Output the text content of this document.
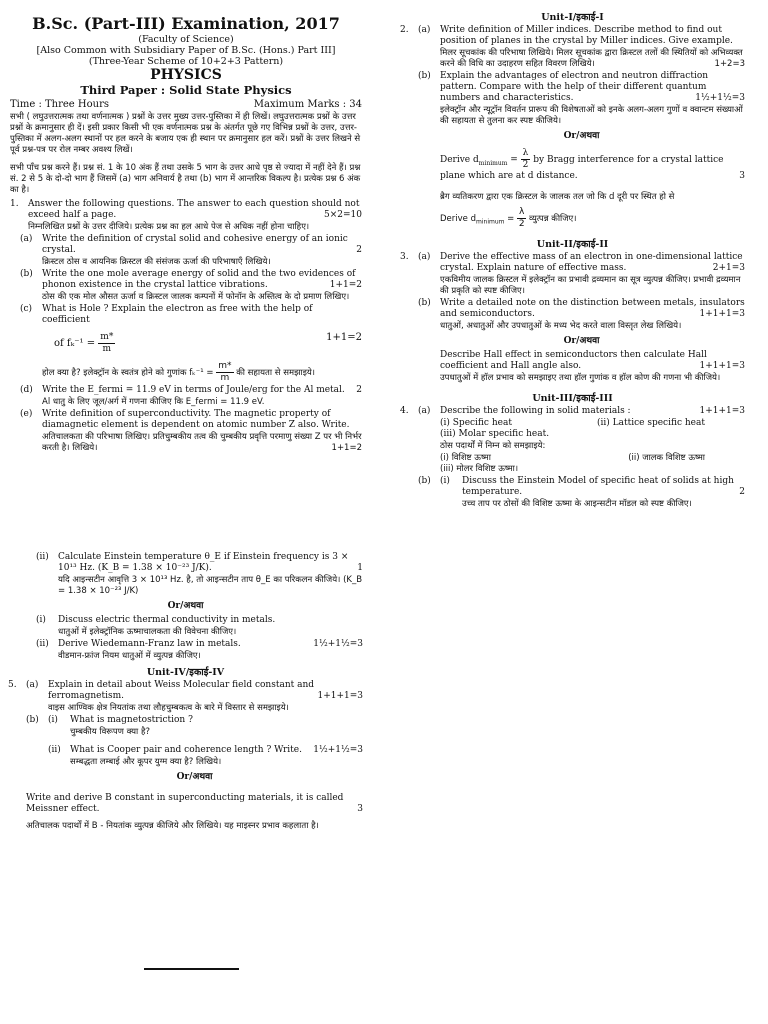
B.Sc. (Part-III) Examination, 2017
(Faculty of Science)
[Also Common with Subsidiary Paper of B.Sc. (Hons.) Part III]
(Three-Year Scheme of 10+2+3 Pattern)
PHYSICS
Third Paper : Solid State Physics
Time : Three Hours	Maximum Marks : 34
सभी ( लघुउत्तरात्मक तथा वर्णनात्मक ) प्रश्नों के उत्तर मुख्य उत्तर-पुस्तिका में ही लिखें। लघुउत्तरात्मक प्रश्नों के उत्तर प्रश्नों के क्रमानुसार ही दें। इसी प्रकार किसी भी एक वर्णनात्मक प्रश्न के अंतर्गत पूछे गए विभिन्न प्रश्नों के उत्तर, उत्तर-पुस्तिका में अलग-अलग स्थानों पर हल करने के बजाय एक ही स्थान पर क्रमानुसार हल करें। प्रश्नों के उत्तर लिखने से पूर्व प्रश्न-पत्र पर रोल नम्बर अवश्य लिखें।
सभी पाँच प्रश्न करने हैं। प्रश्न सं. 1 के 10 अंक हैं तथा उसके 5 भाग के उत्तर आधे पृष्ठ से ज्यादा में नहीं देने हैं। प्रश्न सं. 2 से 5 के दो-दो भाग हैं जिसमें (a) भाग अनिवार्य है तथा (b) भाग में आन्तरिक विकल्प है। प्रत्येक प्रश्न 6 अंक का है।
1.	Answer the following questions. The answer to each question should not exceed half a page.	5×2=10
निम्नलिखित प्रश्नों के उत्तर दीजिये। प्रत्येक प्रश्न का हल आधे पेज से अधिक नहीं होना चाहिए।
(a)	Write the definition of crystal solid and cohesive energy of an ionic crystal.	2
क्रिस्टल ठोस व आयनिक क्रिस्टल की संसंजक ऊर्जा की परिभाषाएँ लिखिये।
(b)	Write the one mole average energy of solid and the two evidences of phonon existence in the crystal lattice vibrations.	1+1=2
ठोस की एक मोल औसत ऊर्जा व क्रिस्टल जालक कम्पनों में फोनॉन के अस्तित्व के दो प्रमाण लिखिए।
(c)	What is Hole ? Explain the electron as free with the help of coefficient
of $f_k^{-1} = \frac{m*}{m}$	1+1=2
होल क्या है? इलेक्ट्रॉन के स्वतंत्र होने को गुणांक $f_k^{-1} = \frac{m*}{m}$ की सहायता से समझाइये।
(d)	Write the E_fermi = 11.9 eV in terms of Joule/erg for the Al metal.	2
Al धातु के लिए जूल/अर्ग में गणना कीजिए कि E_fermi = 11.9 eV.
(e)	Write definition of superconductivity. The magnetic property of diamagnetic element is dependent on atomic number Z also. Write.
अतिचालकता की परिभाषा लिखिए। प्रतिचुम्बकीय तत्व की चुम्बकीय प्रवृत्ति परमाणु संख्या Z पर भी निर्भर करती है। लिखिये।	1+1=2
Unit-I/इकाई-I
2.	(a)	Write definition of Miller indices. Describe method to find out position of planes in the crystal by Miller indices. Give example.
मिलर सूचकांक की परिभाषा लिखिये। मिलर सूचकांक द्वारा क्रिस्टल तलों की स्थितियों को अभिव्यक्त करने की विधि का उदाहरण सहित विवरण लिखिये।	1+2=3
(b)	Explain the advantages of electron and neutron diffraction pattern. Compare with the help of their different quantum numbers and characteristics.	1½+1½=3
इलेक्ट्रॉन और न्यूट्रॉन विवर्तन प्रारूप की विशेषताओं को इनके अलग-अलग गुणों व क्वान्टम संख्याओं की सहायता से तुलना कर स्पष्ट कीजिये।
Or/अथवा
Derive $d_{minimum} = \frac{\lambda}{2}$ by Bragg interference for a crystal lattice plane which are at d distance.	3
ब्रैग व्यतिकरण द्वारा एक क्रिस्टल के जालक तल जो कि d दूरी पर स्थित हो से
Derive $d_{minimum} = \frac{\lambda}{2}$ व्युत्पन्न कीजिए।
Unit-II/इकाई-II
3.	(a)	Derive the effective mass of an electron in one-dimensional lattice crystal. Explain nature of effective mass.	2+1=3
एकविमीय जालक क्रिस्टल में इलेक्ट्रॉन का प्रभावी द्रव्यमान का सूत्र व्युत्पन्न कीजिए। प्रभावी द्रव्यमान की प्रकृति को स्पष्ट कीजिए।
(b)	Write a detailed note on the distinction between metals, insulators and semiconductors.	1+1+1=3
धातुओं, अधातुओं और उपधातुओं के मध्य भेद करते वाला विस्तृत लेख लिखिये।
Or/अथवा
Describe Hall effect in semiconductors then calculate Hall coefficient and Hall angle also.	1+1+1=3
उपधातुओं में हॉल प्रभाव को समझाइए तथा हॉल गुणांक व हॉल कोण की गणना भी कीजिये।
Unit-III/इकाई-III
4.	(a)	Describe the following in solid materials :	1+1+1=3
(i) Specific heat	(ii) Lattice specific heat
(iii) Molar specific heat.
ठोस पदार्थों में निम्न को समझाइये:
(i) विशिष्ट ऊष्मा	(ii) जालक विशिष्ट ऊष्मा
(iii) मोलर विशिष्ट ऊष्मा।
(b)	(i)	Discuss the Einstein Model of specific heat of solids at high temperature.	2
उच्च ताप पर ठोसों की विशिष्ट ऊष्मा के आइन्सटीन मॉडल को स्पष्ट कीजिए।
(ii)	Calculate Einstein temperature θ_E if Einstein frequency is 3 × 10¹³ Hz. (K_B = 1.38 × 10⁻²³ J/K).	1
यदि आइन्सटीन आवृत्ति 3 × 10¹³ Hz. है, तो आइन्सटीन ताप θ_E का परिकलन कीजिये। (K_B = 1.38 × 10⁻²³ J/K)
Or/अथवा
(i)	Discuss electric thermal conductivity in metals.
धातुओं में इलेक्ट्रॉनिक ऊष्माचालकता की विवेचना कीजिए।
(ii)	Derive Wiedemann-Franz law in metals.	1½+1½=3
वीडमान-फ्रांज नियम धातुओं में व्युत्पन्न कीजिए।
Unit-IV/इकाई-IV
5.	(a)	Explain in detail about Weiss Molecular field constant and ferromagnetism.	1+1+1=3
वाइस आण्विक क्षेत्र नियतांक तथा लौहचुम्बकत्व के बारे में विस्तार से समझाइये।
(b)	(i)	What is magnetostriction ?
चुम्बकीय विरूपण क्या है?
(ii)	What is Cooper pair and coherence length ? Write.	1½+1½=3
सम्बद्धता लम्बाई और कूपर युग्म क्या है? लिखिये।
Or/अथवा
Write and derive B constant in superconducting materials, it is called Meissner effect.	3
अतिचालक पदार्थों में B - नियतांक व्युत्पन्न कीजिये और लिखिये। यह माइस्नर प्रभाव कहलाता है।
